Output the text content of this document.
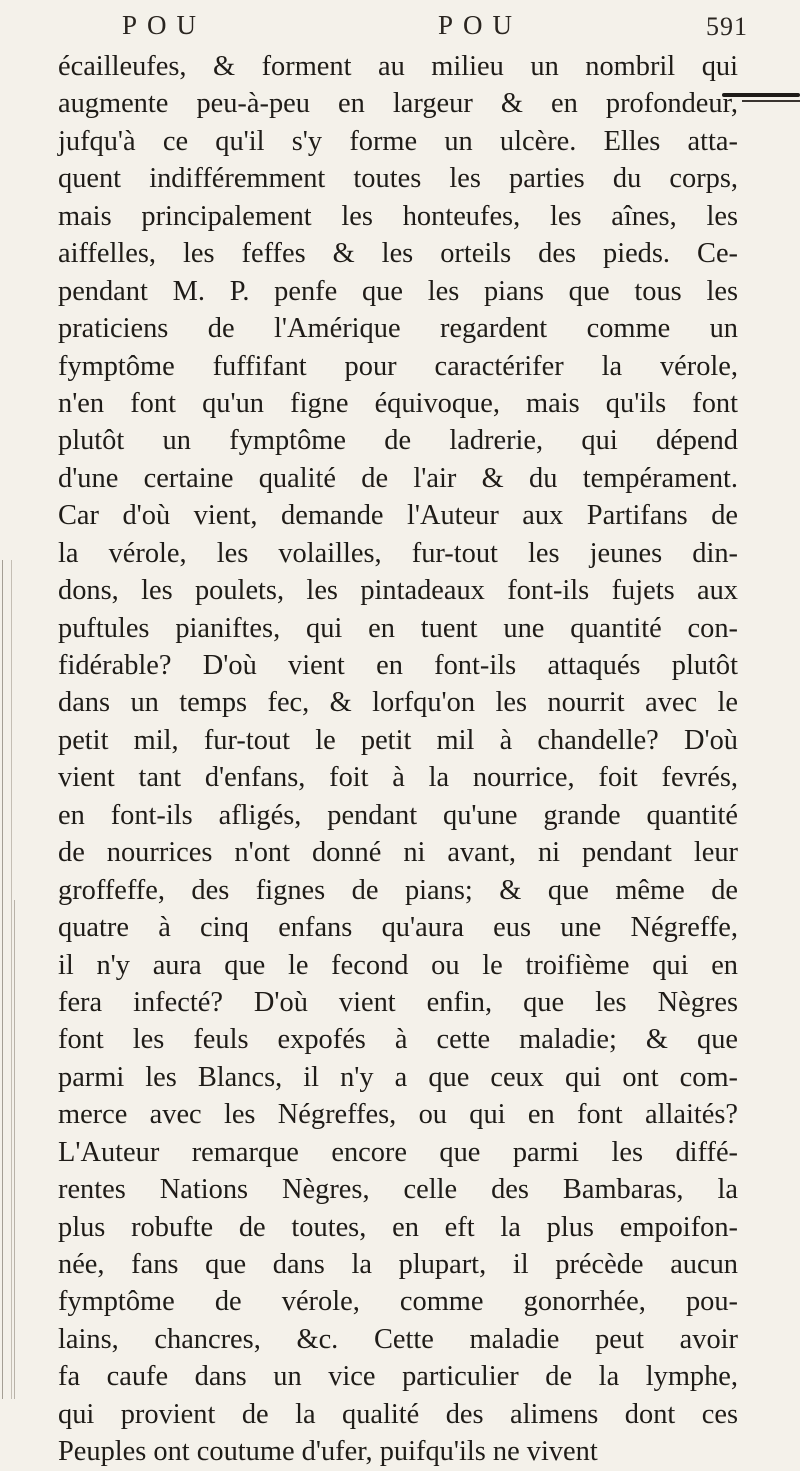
POU	POU	591
écailleufes, & forment au milieu un nombril qui
augmente peu-à-peu en largeur & en profondeur,
jufqu'à ce qu'il s'y forme un ulcère. Elles atta-
quent indifféremment toutes les parties du corps,
mais principalement les honteufes, les aînes, les
aiffelles, les feffes & les orteils des pieds. Ce-
pendant M. P. penfe que les pians que tous les
praticiens de l'Amérique regardent comme un
fymptôme fuffifant pour caractérifer la vérole,
n'en font qu'un figne équivoque, mais qu'ils font
plutôt un fymptôme de ladrerie, qui dépend
d'une certaine qualité de l'air & du tempérament.
Car d'où vient, demande l'Auteur aux Partifans de
la vérole, les volailles, fur-tout les jeunes din-
dons, les poulets, les pintadeaux font-ils fujets aux
puftules pianiftes, qui en tuent une quantité con-
fidérable? D'où vient en font-ils attaqués plutôt
dans un temps fec, & lorfqu'on les nourrit avec le
petit mil, fur-tout le petit mil à chandelle? D'où
vient tant d'enfans, foit à la nourrice, foit fevrés,
en font-ils afligés, pendant qu'une grande quantité
de nourrices n'ont donné ni avant, ni pendant leur
groffeffe, des fignes de pians; & que même de
quatre à cinq enfans qu'aura eus une Négreffe,
il n'y aura que le fecond ou le troifième qui en
fera infecté? D'où vient enfin, que les Nègres
font les feuls expofés à cette maladie; & que
parmi les Blancs, il n'y a que ceux qui ont com-
merce avec les Négreffes, ou qui en font allaités?
L'Auteur remarque encore que parmi les diffé-
rentes Nations Nègres, celle des Bambaras, la
plus robufte de toutes, en eft la plus empoifon-
née, fans que dans la plupart, il précède aucun
fymptôme de vérole, comme gonorrhée, pou-
lains, chancres, &c. Cette maladie peut avoir
fa caufe dans un vice particulier de la lymphe,
qui provient de la qualité des alimens dont ces
Peuples ont coutume d'ufer, puifqu'ils ne vivent
